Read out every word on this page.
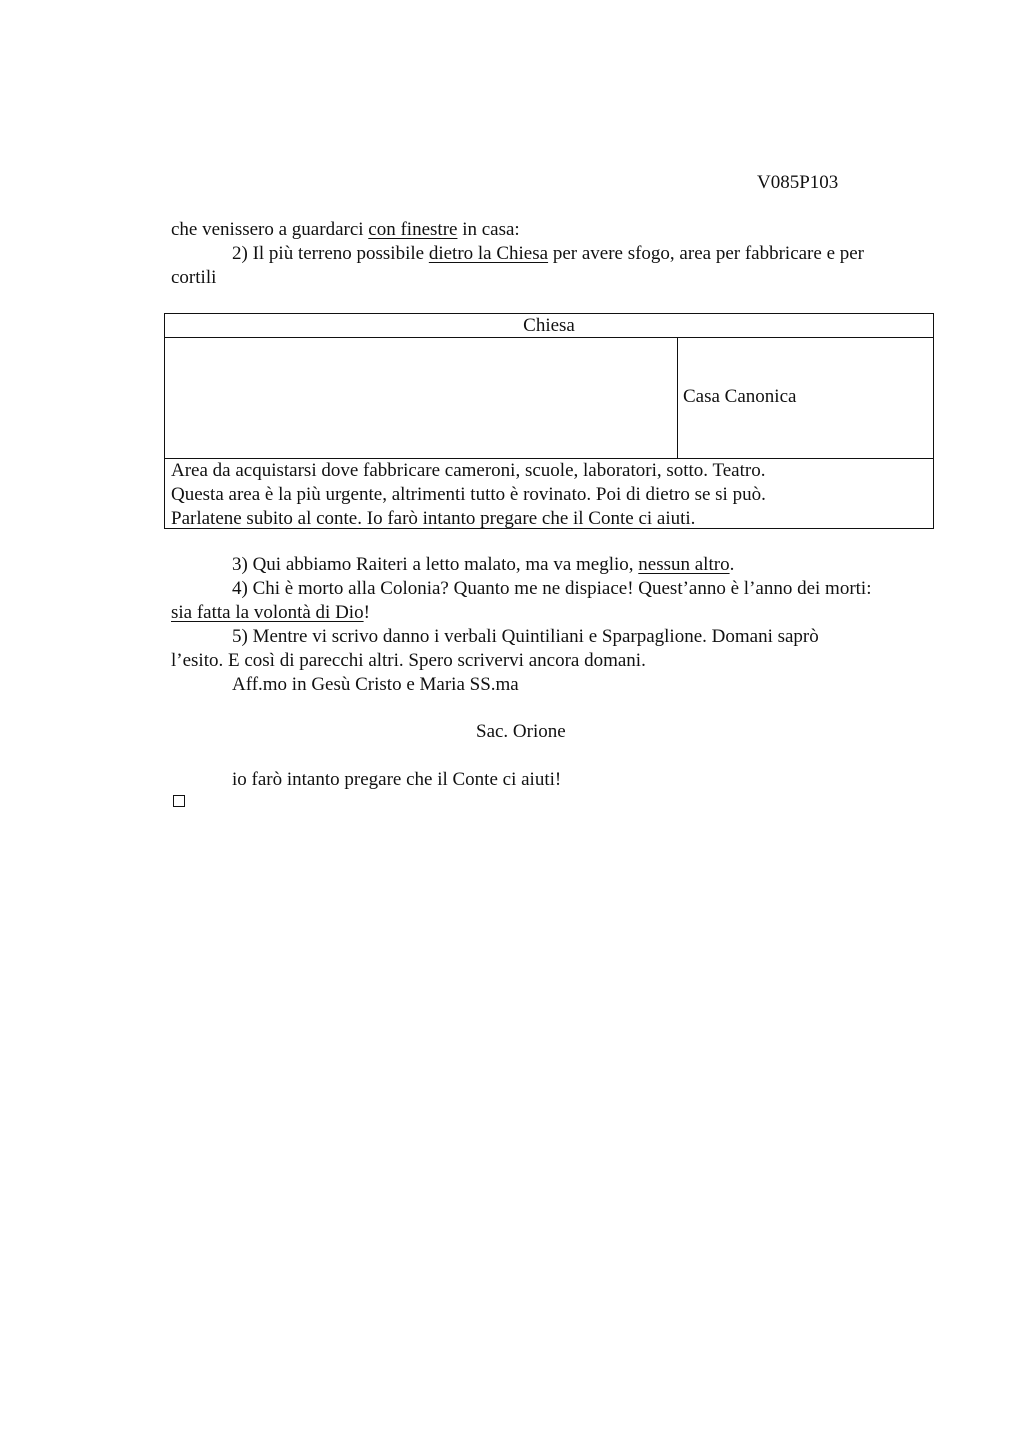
V085P103
che venissero a guardarci con finestre in casa:
2) Il più terreno possibile dietro la Chiesa per avere sfogo, area per fabbricare e per
cortili
Chiesa
Casa Canonica
Area da acquistarsi dove fabbricare cameroni, scuole, laboratori, sotto. Teatro.
Questa area è la più urgente, altrimenti tutto è rovinato. Poi di dietro se si può.
Parlatene subito al conte. Io farò intanto pregare che il Conte ci aiuti.
3) Qui abbiamo Raiteri a letto malato, ma va meglio, nessun altro.
4) Chi è morto alla Colonia? Quanto me ne dispiace! Quest’anno è l’anno dei morti:
sia fatta la volontà di Dio!
5) Mentre vi scrivo danno i verbali Quintiliani e Sparpaglione. Domani saprò
l’esito. E così di parecchi altri. Spero scrivervi ancora domani.
Aff.mo in Gesù Cristo e Maria SS.ma
Sac. Orione
io farò intanto pregare che il Conte ci aiuti!
